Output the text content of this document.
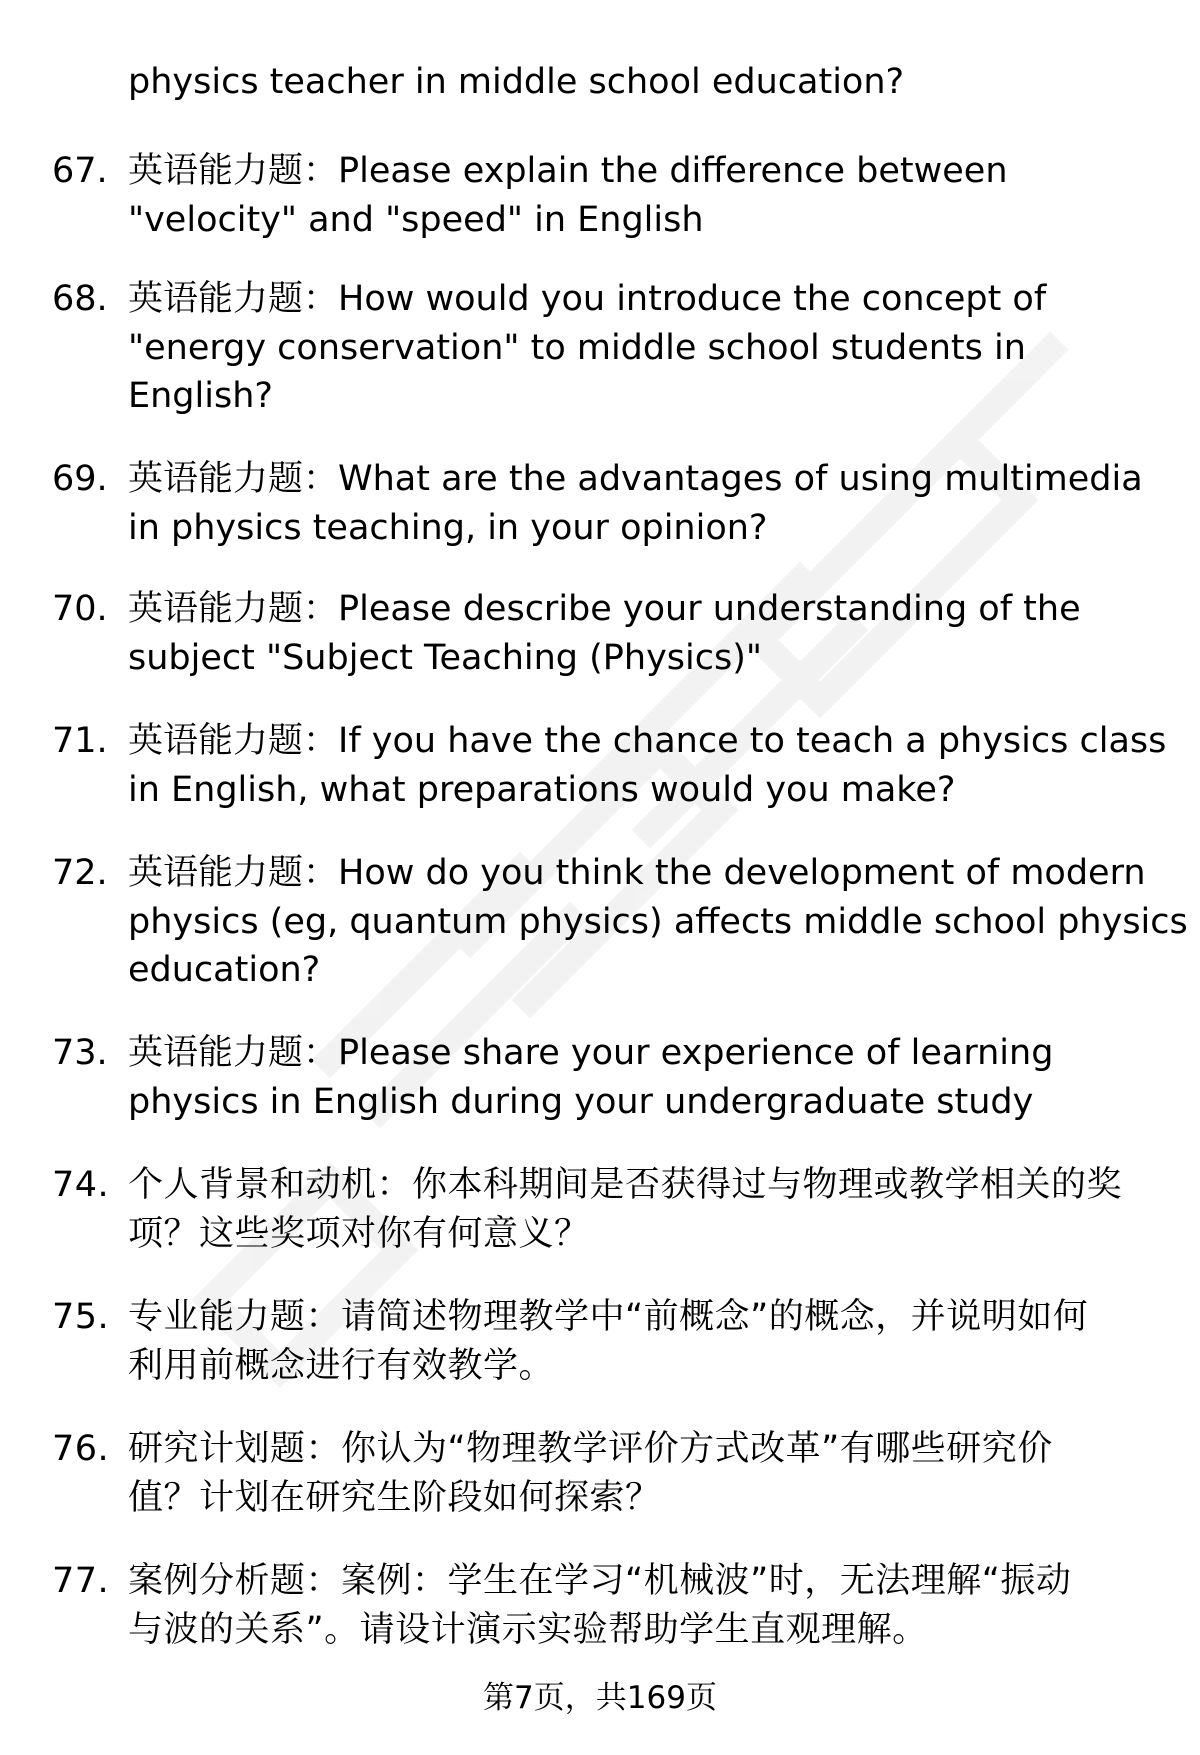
physics teacher in middle school education?
67. 英语能力题：Please explain the difference between
"velocity" and "speed" in English
68. 英语能力题：How would you introduce the concept of
"energy conservation" to middle school students in
English?
69. 英语能力题：What are the advantages of using multimedia
in physics teaching, in your opinion?
70. 英语能力题：Please describe your understanding of the
subject "Subject Teaching (Physics)"
71. 英语能力题：If you have the chance to teach a physics class
in English, what preparations would you make?
72. 英语能力题：How do you think the development of modern
physics (eg, quantum physics) affects middle school physics
education?
73. 英语能力题：Please share your experience of learning
physics in English during your undergraduate study
74. 个人背景和动机：你本科期间是否获得过与物理或教学相关的奖
项？这些奖项对你有何意义？
75. 专业能力题：请简述物理教学中“前概念”的概念，并说明如何
利用前概念进行有效教学。
76. 研究计划题：你认为“物理教学评价方式改革”有哪些研究价
值？计划在研究生阶段如何探索？
77. 案例分析题：案例：学生在学习“机械波”时，无法理解“振动
与波的关系”。请设计演示实验帮助学生直观理解。
第7页，共169页
